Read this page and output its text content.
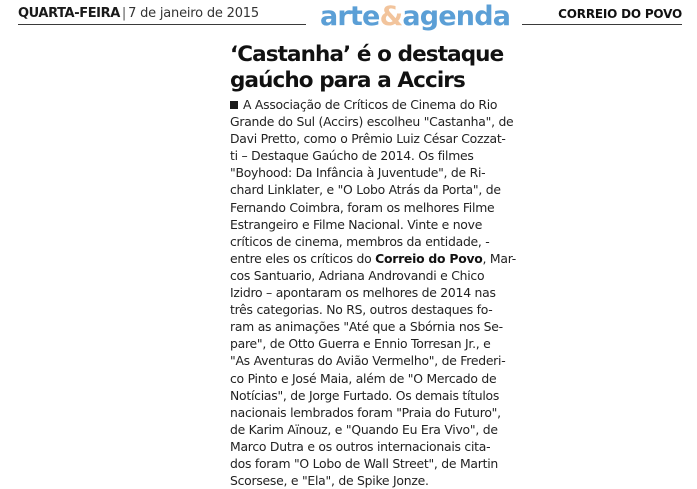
QUARTA-FEIRA | 7 de janeiro de 2015 arte&agenda	CORREIO DO POVO
‘Castanha’ é o destaque
gaúcho para a Accirs
A Associação de Críticos de Cinema do Rio
Grande do Sul (Accirs) escolheu "Castanha", de
Davi Pretto, como o Prêmio Luiz César Cozzat-
ti – Destaque Gaúcho de 2014. Os filmes
"Boyhood: Da Infância à Juventude", de Ri-
chard Linklater, e "O Lobo Atrás da Porta", de
Fernando Coimbra, foram os melhores Filme
Estrangeiro e Filme Nacional. Vinte e nove
críticos de cinema, membros da entidade, -
entre eles os críticos do Correio do Povo, Mar-
cos Santuario, Adriana Androvandi e Chico
Izidro – apontaram os melhores de 2014 nas
três categorias. No RS, outros destaques fo-
ram as animações "Até que a Sbórnia nos Se-
pare", de Otto Guerra e Ennio Torresan Jr., e
"As Aventuras do Avião Vermelho", de Frederi-
co Pinto e José Maia, além de "O Mercado de
Notícias", de Jorge Furtado. Os demais títulos
nacionais lembrados foram "Praia do Futuro",
de Karim Aïnouz, e "Quando Eu Era Vivo", de
Marco Dutra e os outros internacionais cita-
dos foram "O Lobo de Wall Street", de Martin
Scorsese, e "Ela", de Spike Jonze.
